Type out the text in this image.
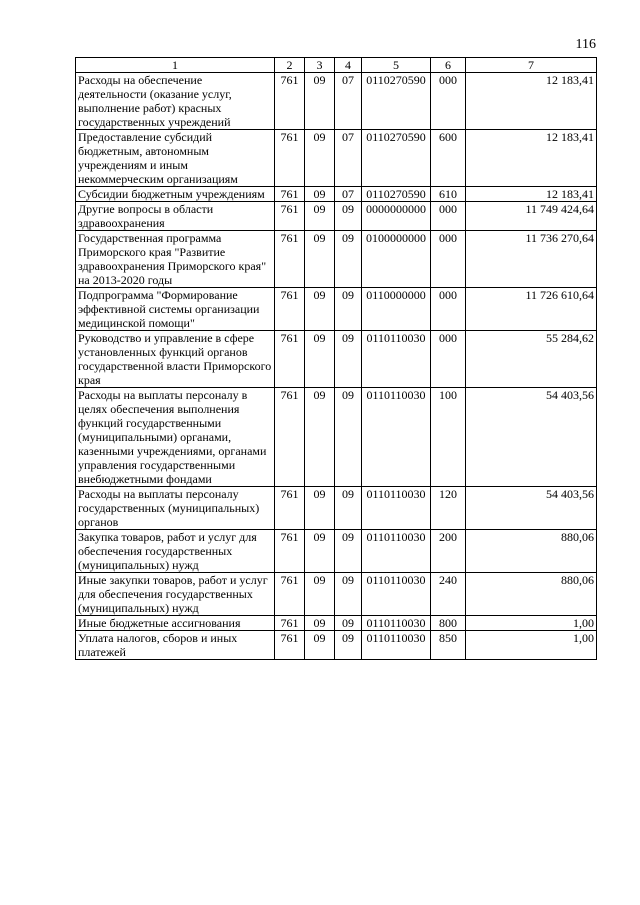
116
1	2	3	4	5	6	7
Расходы на обеспечение деятельности (оказание услуг, выполнение работ) красных государственных учреждений	761	09	07	0110270590	000	12 183,41
Предоставление субсидий бюджетным, автономным учреждениям и иным некоммерческим организациям	761	09	07	0110270590	600	12 183,41
Субсидии бюджетным учреждениям	761	09	07	0110270590	610	12 183,41
Другие вопросы в области здравоохранения	761	09	09	0000000000	000	11 749 424,64
Государственная программа Приморского края "Развитие здравоохранения Приморского края" на 2013-2020 годы	761	09	09	0100000000	000	11 736 270,64
Подпрограмма "Формирование эффективной системы организации медицинской помощи"	761	09	09	0110000000	000	11 726 610,64
Руководство и управление в сфере установленных функций органов государственной власти Приморского края	761	09	09	0110110030	000	55 284,62
Расходы на выплаты персоналу в целях обеспечения выполнения функций государственными (муниципальными) органами, казенными учреждениями, органами управления государственными внебюджетными фондами	761	09	09	0110110030	100	54 403,56
Расходы на выплаты персоналу государственных (муниципальных) органов	761	09	09	0110110030	120	54 403,56
Закупка товаров, работ и услуг для обеспечения государственных (муниципальных) нужд	761	09	09	0110110030	200	880,06
Иные закупки товаров, работ и услуг для обеспечения государственных (муниципальных) нужд	761	09	09	0110110030	240	880,06
Иные бюджетные ассигнования	761	09	09	0110110030	800	1,00
Уплата налогов, сборов и иных платежей	761	09	09	0110110030	850	1,00
